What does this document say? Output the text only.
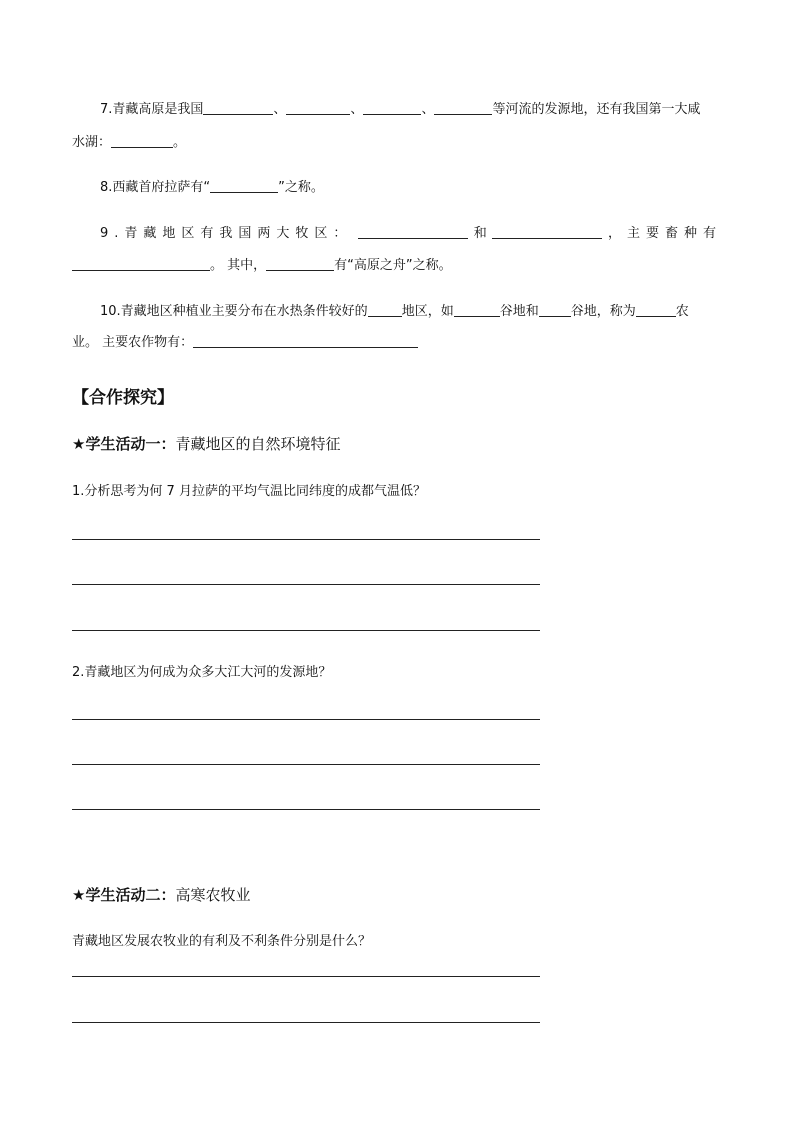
7.青藏高原是我国	、	、	、	等河流的发源地，还有我国第一大咸
水湖：	。
8.西藏首府拉萨有“	”之称。
9.青藏地区有我国两大牧区：	和	，主要畜种有
。 其中，	有“高原之舟”之称。
10.青藏地区种植业主要分布在水热条件较好的	地区，如	谷地和 谷地，称为	农
业。 主要农作物有：
【合作探究】
★学生活动一：青藏地区的自然环境特征
1.分析思考为何 7 月拉萨的平均气温比同纬度的成都气温低？
2.青藏地区为何成为众多大江大河的发源地？
★学生活动二：高寒农牧业
青藏地区发展农牧业的有利及不利条件分别是什么？
